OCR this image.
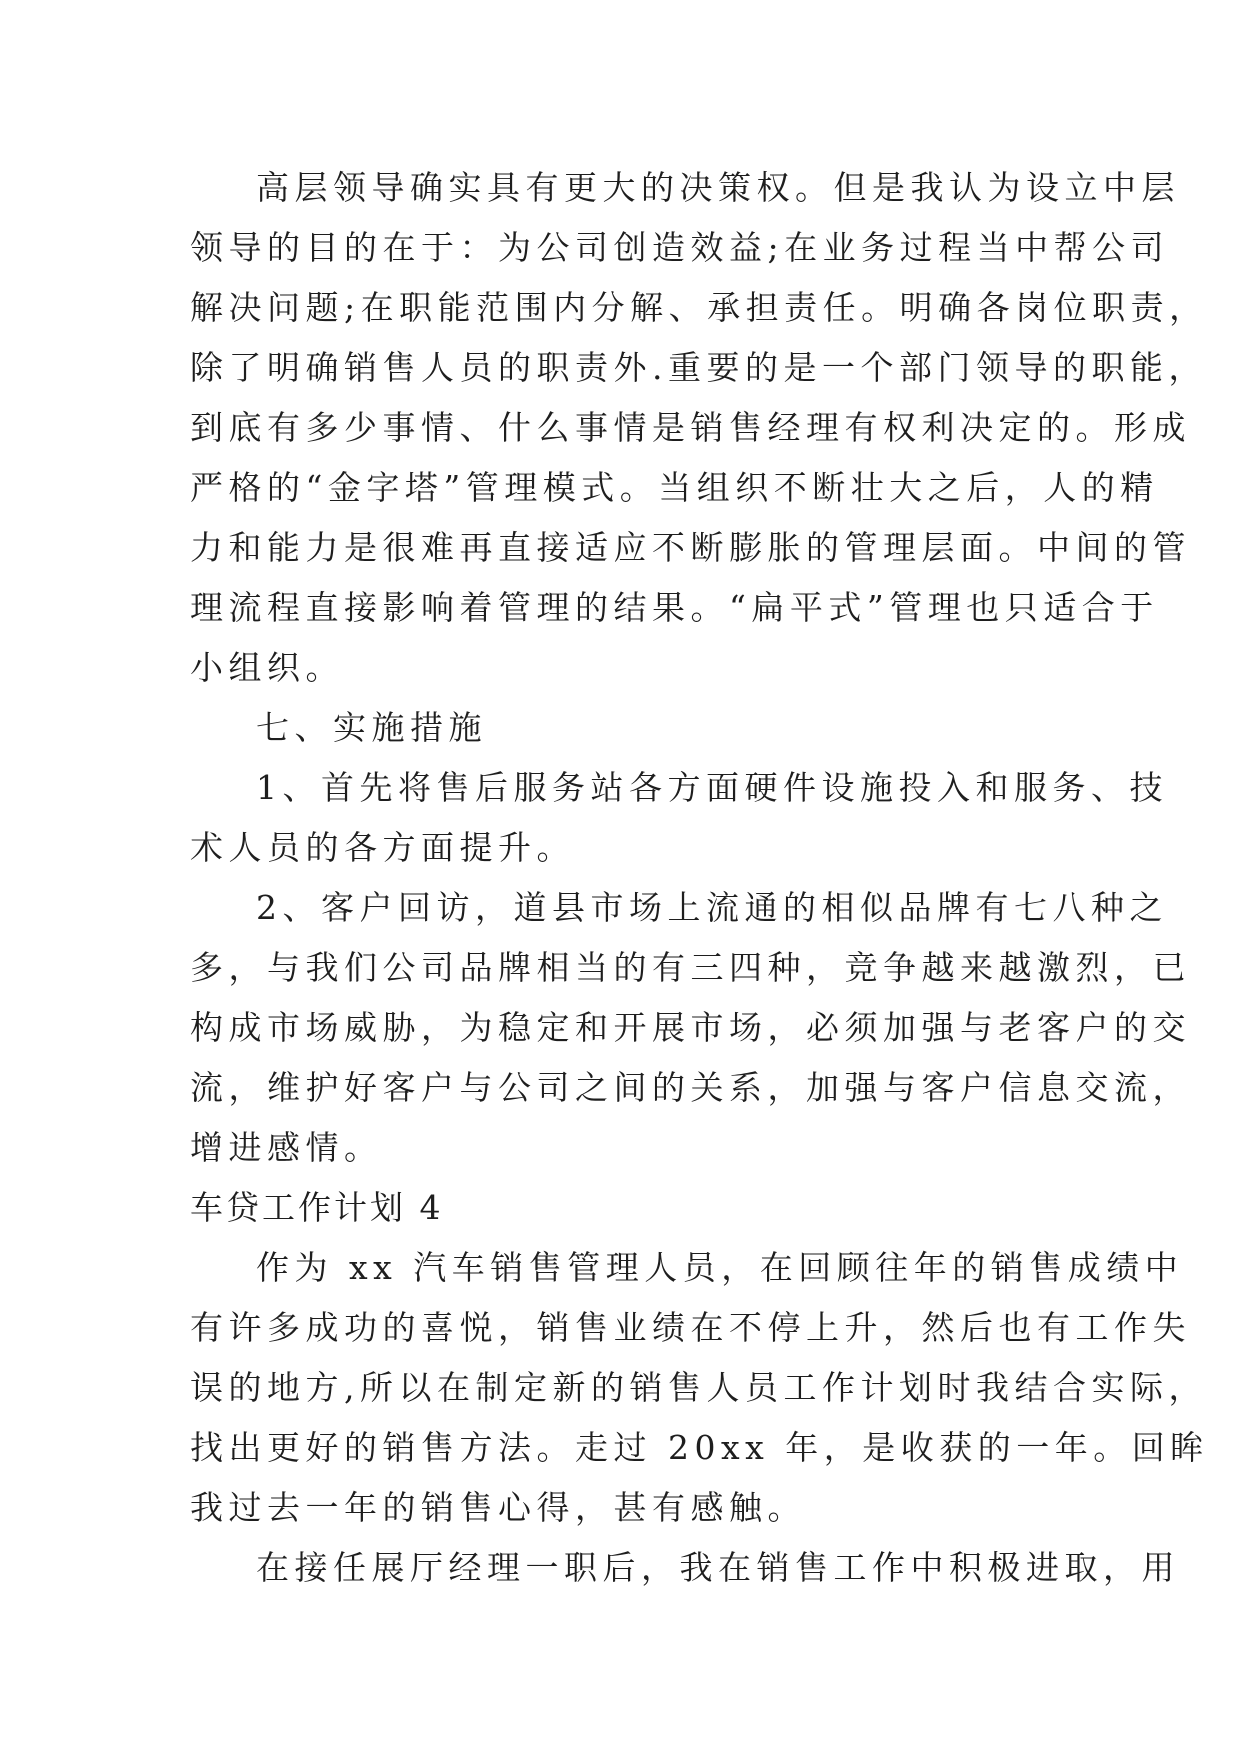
高层领导确实具有更大的决策权。但是我认为设立中层
领导的目的在于：为公司创造效益;在业务过程当中帮公司
解决问题;在职能范围内分解、承担责任。明确各岗位职责，
除了明确销售人员的职责外.重要的是一个部门领导的职能，
到底有多少事情、什么事情是销售经理有权利决定的。形成
严格的“金字塔”管理模式。当组织不断壮大之后，人的精
力和能力是很难再直接适应不断膨胀的管理层面。中间的管
理流程直接影响着管理的结果。“扁平式”管理也只适合于
小组织。
七、实施措施
1、首先将售后服务站各方面硬件设施投入和服务、技
术人员的各方面提升。
2、客户回访，道县市场上流通的相似品牌有七八种之
多，与我们公司品牌相当的有三四种，竞争越来越激烈，已
构成市场威胁，为稳定和开展市场，必须加强与老客户的交
流，维护好客户与公司之间的关系，加强与客户信息交流，
增进感情。
车贷工作计划 4
作为 xx 汽车销售管理人员，在回顾往年的销售成绩中
有许多成功的喜悦，销售业绩在不停上升，然后也有工作失
误的地方,所以在制定新的销售人员工作计划时我结合实际，
找出更好的销售方法。走过 20xx 年，是收获的一年。回眸
我过去一年的销售心得，甚有感触。
在接任展厅经理一职后，我在销售工作中积极进取，用
